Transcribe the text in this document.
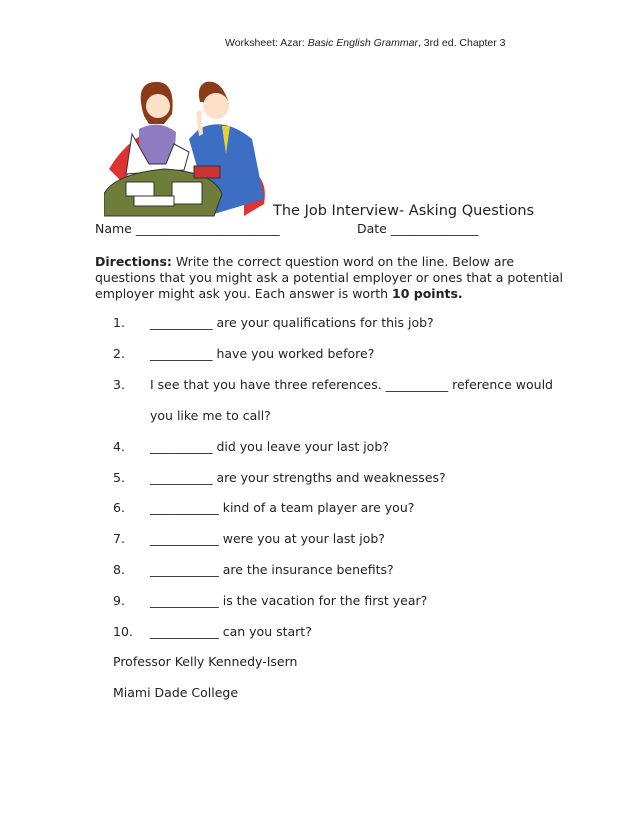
Worksheet: Azar: Basic English Grammar, 3rd ed. Chapter 3
The Job Interview- Asking Questions
Name _______________________	Date ______________
Directions: Write the correct question word on the line. Below are
questions that you might ask a potential employer or ones that a potential
employer might ask you. Each answer is worth 10 points.
1. __________ are your qualifications for this job?
2. __________ have you worked before?
3. I see that you have three references. __________ reference would
you like me to call?
4. __________ did you leave your last job?
5. __________ are your strengths and weaknesses?
6. ___________ kind of a team player are you?
7. ___________ were you at your last job?
8. ___________ are the insurance benefits?
9. ___________ is the vacation for the first year?
10. ___________ can you start?
Professor Kelly Kennedy-Isern
Miami Dade College
